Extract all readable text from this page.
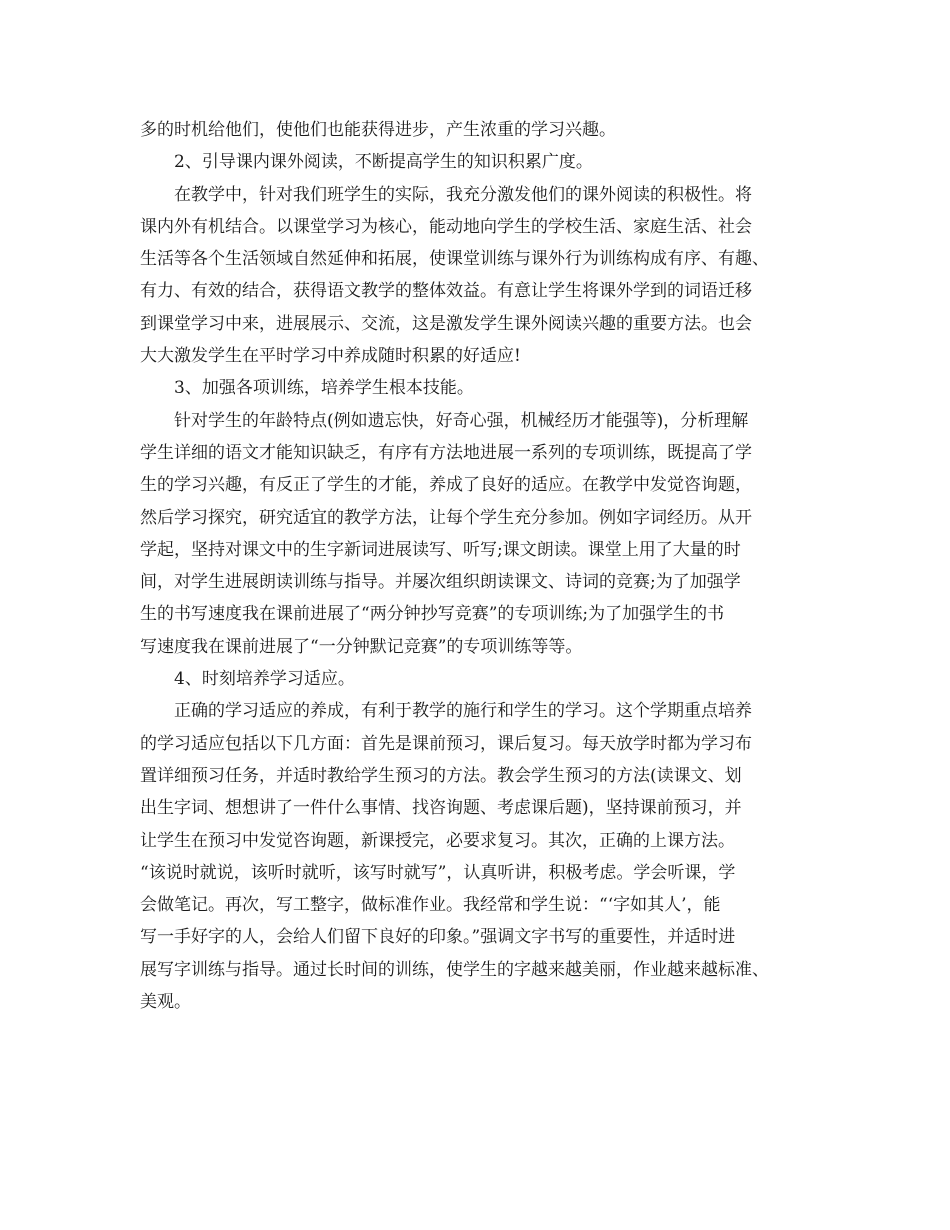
多的时机给他们，使他们也能获得进步，产生浓重的学习兴趣。
2、引导课内课外阅读，不断提高学生的知识积累广度。
在教学中，针对我们班学生的实际，我充分激发他们的课外阅读的积极性。将
课内外有机结合。以课堂学习为核心，能动地向学生的学校生活、家庭生活、社会
生活等各个生活领域自然延伸和拓展，使课堂训练与课外行为训练构成有序、有趣、
有力、有效的结合，获得语文教学的整体效益。有意让学生将课外学到的词语迁移
到课堂学习中来，进展展示、交流，这是激发学生课外阅读兴趣的重要方法。也会
大大激发学生在平时学习中养成随时积累的好适应!
3、加强各项训练，培养学生根本技能。
针对学生的年龄特点(例如遗忘快，好奇心强，机械经历才能强等)，分析理解
学生详细的语文才能知识缺乏，有序有方法地进展一系列的专项训练，既提高了学
生的学习兴趣，有反正了学生的才能，养成了良好的适应。在教学中发觉咨询题，
然后学习探究，研究适宜的教学方法，让每个学生充分参加。例如字词经历。从开
学起，坚持对课文中的生字新词进展读写、听写;课文朗读。课堂上用了大量的时
间，对学生进展朗读训练与指导。并屡次组织朗读课文、诗词的竞赛;为了加强学
生的书写速度我在课前进展了“两分钟抄写竞赛”的专项训练;为了加强学生的书
写速度我在课前进展了“一分钟默记竞赛”的专项训练等等。
4、时刻培养学习适应。
正确的学习适应的养成，有利于教学的施行和学生的学习。这个学期重点培养
的学习适应包括以下几方面：首先是课前预习，课后复习。每天放学时都为学习布
置详细预习任务，并适时教给学生预习的方法。教会学生预习的方法(读课文、划
出生字词、想想讲了一件什么事情、找咨询题、考虑课后题)，坚持课前预习，并
让学生在预习中发觉咨询题，新课授完，必要求复习。其次，正确的上课方法。
“该说时就说，该听时就听，该写时就写”，认真听讲，积极考虑。学会听课，学
会做笔记。再次，写工整字，做标准作业。我经常和学生说：“‘字如其人’，能
写一手好字的人，会给人们留下良好的印象。”强调文字书写的重要性，并适时进
展写字训练与指导。通过长时间的训练，使学生的字越来越美丽，作业越来越标准、
美观。
